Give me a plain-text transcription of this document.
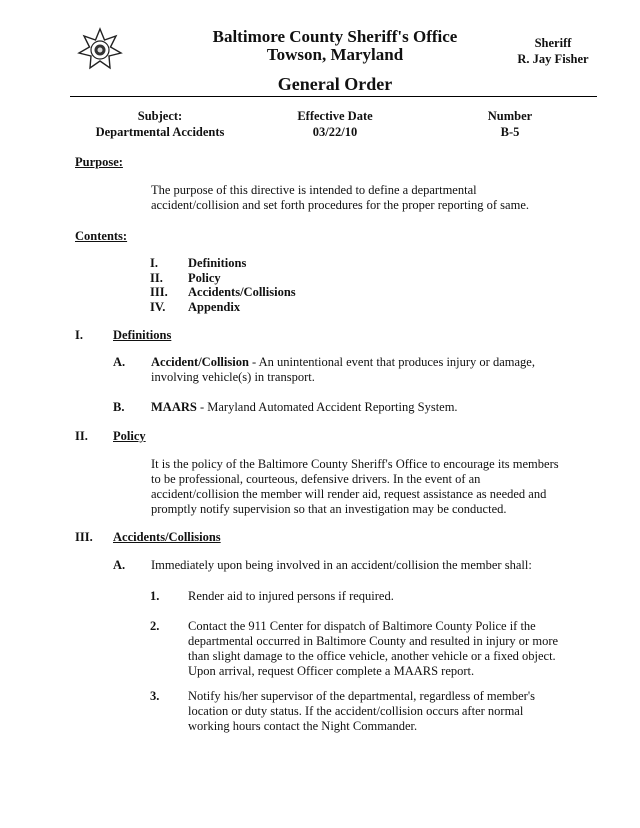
Baltimore County Sheriff's Office
Towson, Maryland
Sheriff
R. Jay Fisher
General Order
Subject:
Departmental Accidents
Effective Date
03/22/10
Number
B-5
Purpose:
The purpose of this directive is intended to define a departmental
accident/collision and set forth procedures for the proper reporting of same.
Contents:
I. Definitions
II. Policy
III. Accidents/Collisions
IV. Appendix
I. Definitions
A. Accident/Collision - An unintentional event that produces injury or damage,
involving vehicle(s) in transport.
B. MAARS - Maryland Automated Accident Reporting System.
II. Policy
It is the policy of the Baltimore County Sheriff's Office to encourage its members
to be professional, courteous, defensive drivers. In the event of an
accident/collision the member will render aid, request assistance as needed and
promptly notify supervision so that an investigation may be conducted.
III. Accidents/Collisions
A. Immediately upon being involved in an accident/collision the member shall:
1. Render aid to injured persons if required.
2. Contact the 911 Center for dispatch of Baltimore County Police if the
departmental occurred in Baltimore County and resulted in injury or more
than slight damage to the office vehicle, another vehicle or a fixed object.
Upon arrival, request Officer complete a MAARS report.
3. Notify his/her supervisor of the departmental, regardless of member's
location or duty status. If the accident/collision occurs after normal
working hours contact the Night Commander.
